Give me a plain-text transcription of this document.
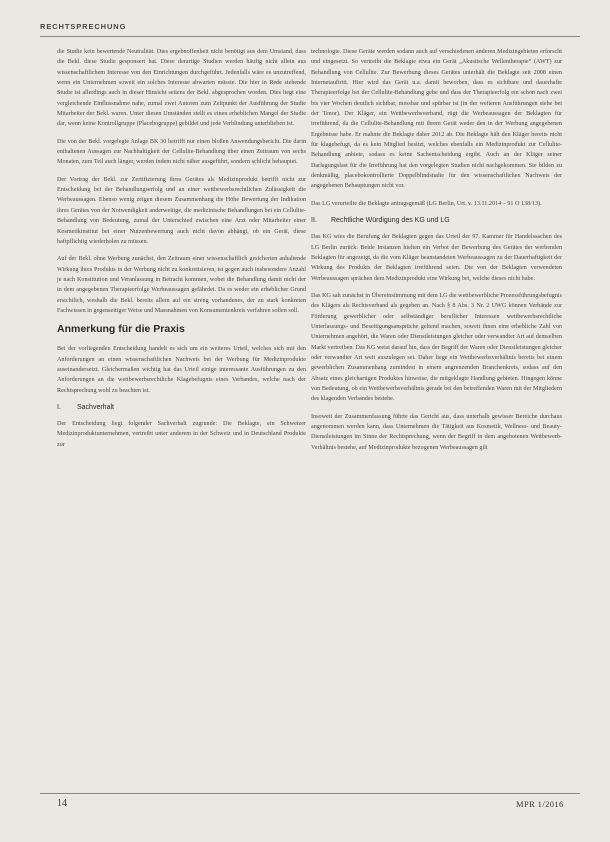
RECHTSPRECHUNG

die Studie kein bewertende Neutralität. Dies ergebnoffenheit nicht benötigt aus dem Umstand, dass die Bekl. diese Studie gesponsert hat. Diese derartige Studien werden häufig nicht allein aus wissenschaftlichem Interesse von den Einrichtungen durchgeführt. Jedenfalls wäre es unzutreffend, wenn ein Unternehmen soweit ein solches Interesse abwarten müsste. Die hier in Rede stehende Studie ist allerdings auch in dieser Hinsicht seitens der Bekl. abgesprochen worden. Dies liegt eine vergleichende Einflussnahme nahe, zumal zwei Autoren zum Zeitpunkt der Ausführung der Studie Mitarbeiter der Bekl. waren. Unter diesen Umständen stellt es einen erheblichen Mangel der Studie dar, wenn keine Kontrollgruppe (Placebogruppe) gebildet und jede Verblindung unterblieben ist.

Die von der Bekl. vorgelegte Anlage BK 30 betrifft nur einen bloßen Anwendungsbericht. Die darin enthaltenen Aussagen zur Nachhaltigkeit der Cellulite-Behandlung über einen Zeitraum von sechs Monaten, zum Teil auch länger, werden indem nicht näher ausgeführt, sondern schlicht behauptet.

Der Vortrag der Bekl. zur Zertifizierung ihres Gerätes als Medizinprodukt betrifft nicht zur Entscheidung bei der Behandlungserfolg und an einer wettbewerbsrechtlichen Zulässigkeit die Werbeaussagen. Ebenso wenig zeigen diesem Zusammenhang die Höhe Bewertung der Indikation ihres Gerätes von der Notwendigkeit anderweitige, die medizinische Behandlungen bei ein Cellulite-Behandlung von Bedeutung, zumal der Unterschied zwischen eine Arzt oder Mitarbeiter einer Kosmetikinstitut bei einer Nutzenbewertung auch nicht davon abhängt, ob ein Gerät, diese haftpflichtig wiederholen zu müssen.

Auf der Bekl. ohne Werbung zunächst, den Zeitraum einer wissenschaftlich gesicherten anhaltende Wirkung ihres Produkts in der Werbung nicht zu konkretisieren, ist gegen auch insbesondere Anzahl je nach Konstitution und Veranlassung in Betracht kommen, wobei die Behandlung damit nicht der in dem angegebenen Therapieerfolge Werbeaussagen gefährdet. Da es weder ein erheblicher Grund ersichtlich, weshalb die Bekl. bereits allein auf ein streng vorhandenes, der zu stark konkreten Fachwissen in gegenseitiger Weise und Massnahmen von Konsumentenkreis verfahren sollen soll.

Anmerkung für die Praxis

Bei der vorliegenden Entscheidung handelt es sich um ein weiteres Urteil, welches sich mit den Anforderungen an einen wissenschaftlichen Nachweis bei der Werbung für Medizinprodukte auseinandersetzt. Gleichermaßen wichtig hat das Urteil einige interessante Ausführungen zu den Anforderungen an die wettbewerbsrechtliche Klagebefugnis eines Verbandes, welche nach der Rechtsprechung wohl zu beachten ist.

I. Sachverhalt

Der Entscheidung liegt folgender Sachverhalt zugrunde: Die Beklagte, ein Schweizer Medizinproduktunternehmen, vertreibt unter anderem in der Schweiz und in Deutschland Produkte zur

technologie. Diese Geräte werden sodann auch auf verschiedenen anderen Medizingebieten erforscht und eingesetzt. So vertreibt die Beklagte etwa ein Gerät „Akustische Wellentherapie“ (AWT) zur Behandlung von Cellulite. Zur Bewerbung dieses Gerätes unterhält die Beklagte seit 2008 einen Internetauftritt. Hier wird das Gerät u.a. damit beworben, dass es sichtbare und dauerhafte Therapieerfolge bei der Cellulite-Behandlung gebe und dass der Therapieerfolg ein schon nach zwei bis vier Wochen deutlich sichtbar, messbar und spürbar ist (in der weiteren Ausführungen siehe bei der Tenor). Der Kläger, ein Wettbewerbsverband, rügt die Werbeaussagen der Beklagten für irreführend, da die Cellulite-Behandlung mit ihrem Gerät weder den in der Werbung angegebenen Ergebnisse habe. Er mahnte die Beklagte daher 2012 ab. Die Beklagte hält den Kläger bereits nicht für klagebefugt, da es kein Mitglied besitzt, welches ebenfalls ein Medizinprodukt zur Cellulite-Behandlung anbiete, sodass es keine Sachentscheidung ergibt. Auch an der Kläger seiner Darlegungslast für die Irreführung hat den vorgelegten Studien nicht nachgekommen. Sie bilden zu denkmäßig, placebokontrollierte Doppelblindstudie für den wissenschaftlichen Nachweis der angegebenen Behauptungen nicht vor.

Das LG verurteilte die Beklagte antragsgemäß (LG Berlin, Urt. v. 13.11.2014 – 91 O 138/13).

II. Rechtliche Würdigung des KG und LG

Das KG wies die Berufung der Beklagten gegen das Urteil der 97. Kammer für Handelssachen des LG Berlin zurück. Beide Instanzen hielten ein Verbot der Bewerbung des Gerätes der werbenden Beklagten für angezeigt, da die vom Kläger beanstandeten Werbeaussagen zu der Dauerhaftigkeit der Wirkung des Produkts der Beklagten irreführend seien. Die von der Beklagten verwendeten Werbeaussagen sprächen dem Medizinprodukt eine Wirkung bei, welche dieses nicht habe.

Das KG sah zunächst in Übereinstimmung mit dem LG die wettbewerbliche Prozessführungsbefugnis des Klägers als Rechtsverband als gegeben an. Nach § 8 Abs. 3 Nr. 2 UWG können Verbände zur Förderung gewerblicher oder selbständiger beruflicher Interessen wettbewerbsrechtliche Unterlassungs- und Beseitigungsansprüche geltend machen, soweit ihnen eine erhebliche Zahl von Unternehmen angehört, die Waren oder Dienstleistungen gleicher oder verwandter Art auf demselben Markt vertreiben. Das KG weist darauf hin, dass der Begriff der Waren oder Dienstleistungen gleicher oder verwandter Art weit auszulegen sei. Daher liege ein Wettbewerbsverhältnis bereits bei einem gewerblichen Zusammenhang zumindest in einem angrenzenden Branchenkreis, sodass auf den Absatz eines gleichartigen Produktes hinweise, die mitgeklagte Handlung gebieten. Hingegen könne von Bedeutung, ob ein Wettbewerbsverhältnis gerade bei den betreffenden Waren mit der Mitgliedern des klagenden Verbandes bestehe.

Insoweit der Zusammenfassung führte das Gericht aus, dass unterhalb gewisser Bereiche durchaus angenommen werden kann, dass Unternehmen die Tätigkeit aus Kosmetik, Wellness- und Beauty-Dienstleistungen im Sinne der Rechtsprechung, wenn der Begriff in dem angebotenen Wettbewerb-Verhältnis bestehe, auf Medizinprodukte bezogenen Werbeaussagen gilt

14	MPR 1/2016
